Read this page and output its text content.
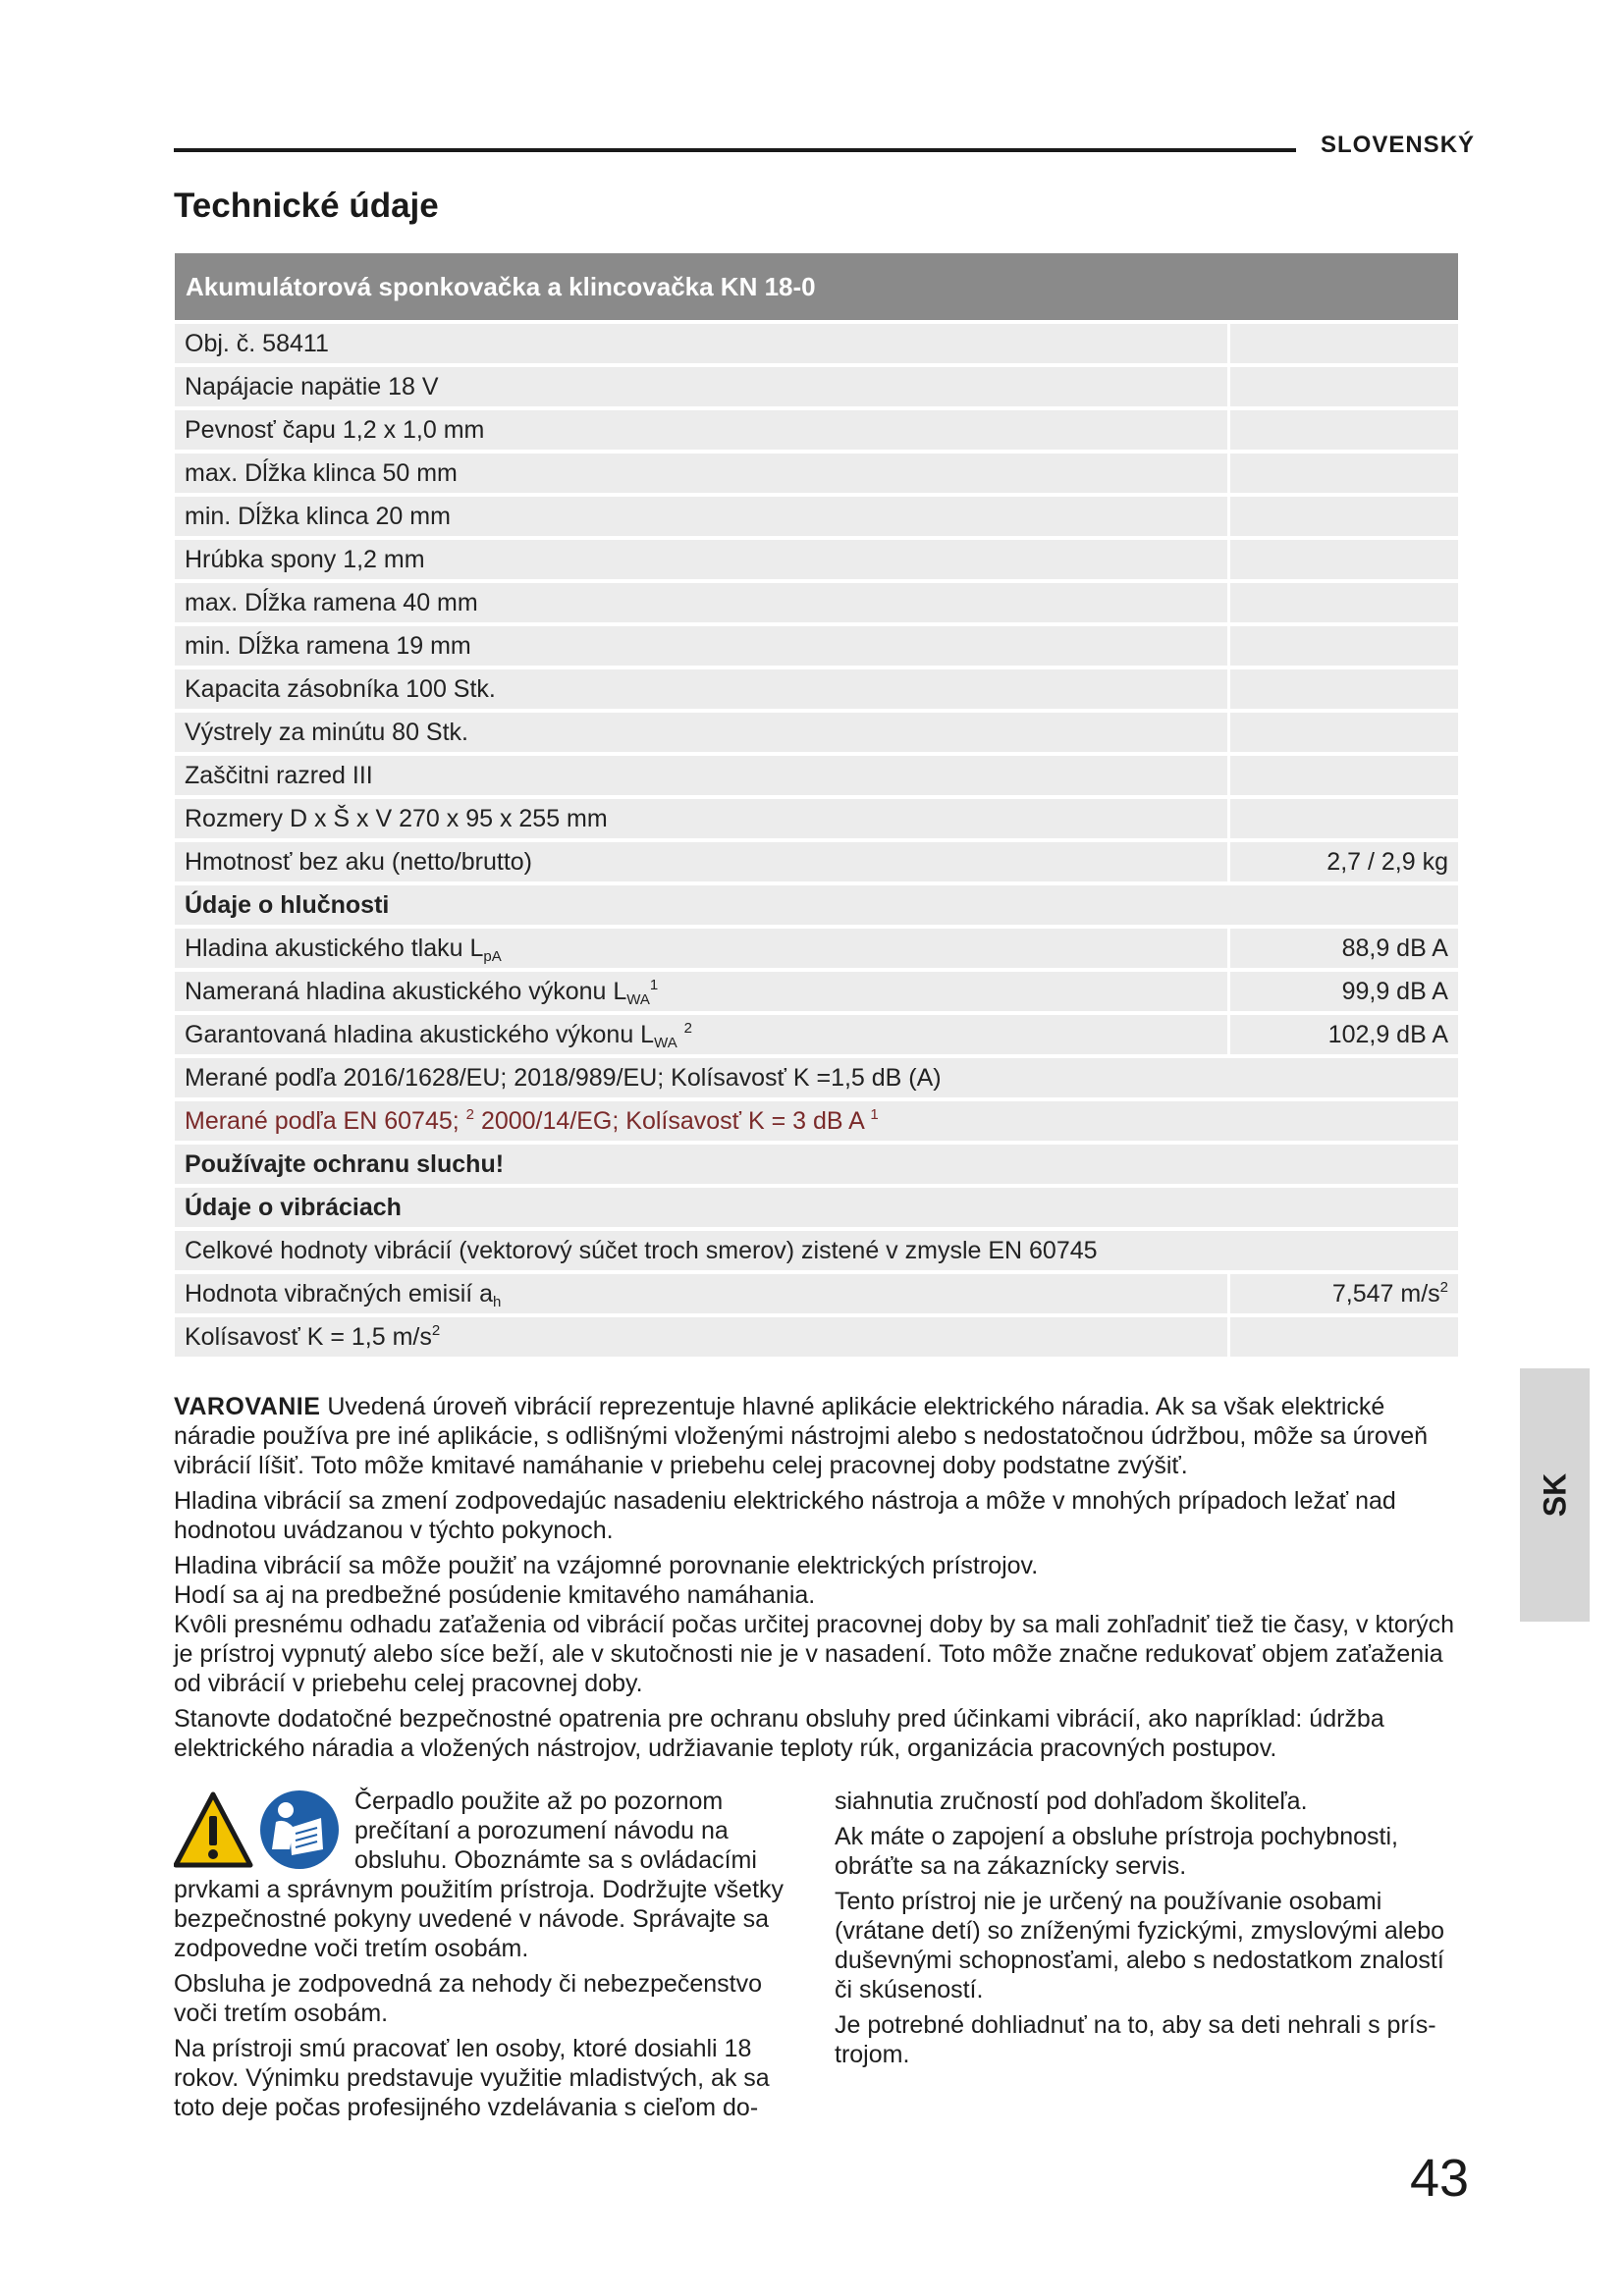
SLOVENSKÝ
Technické údaje
Akumulátorová sponkovačka a klincovačka KN 18-0
Obj. č. 58411
Napájacie napätie 18 V
Pevnosť čapu 1,2 x 1,0 mm
max. Dĺžka klinca 50 mm
min. Dĺžka klinca 20 mm
Hrúbka spony 1,2 mm
max. Dĺžka ramena 40 mm
min. Dĺžka ramena 19 mm
Kapacita zásobníka 100 Stk.
Výstrely za minútu 80 Stk.
Zaščitni razred III
Rozmery D x Š x V 270 x 95 x 255 mm
Hmotnosť bez aku (netto/brutto)	2,7 / 2,9 kg
Údaje o hlučnosti
Hladina akustického tlaku $L_{pA}$	88,9 dB A
Nameraná hladina akustického výkonu $L_{WA}^1$	99,9 dB A
Garantovaná hladina akustického výkonu $L_{WA}$ $^2$	102,9 dB A
Merané podľa 2016/1628/EU; 2018/989/EU; Kolísavosť K =1,5 dB (A)
Merané podľa EN 60745; $^2$ 2000/14/EG; Kolísavosť K = 3 dB A $^1$
Používajte ochranu sluchu!
Údaje o vibráciach
Celkové hodnoty vibrácií (vektorový súčet troch smerov) zistené v zmysle EN 60745
Hodnota vibračných emisií $a_h$	7,547 $m/s^2$
Kolísavosť K = 1,5 $m/s^2$

VAROVANIE Uvedená úroveň vibrácií reprezentuje hlavné aplikácie elektrického náradia. Ak sa však elektrické náradie používa pre iné aplikácie, s odlišnými vloženými nástrojmi alebo s nedostatočnou údržbou, môže sa úroveň vibrácií líšiť. Toto môže kmitavé namáhanie v priebehu celej pracovnej doby podstatne zvýšiť.

Hladina vibrácií sa zmení zodpovedajúc nasadeniu elektrického nástroja a môže v mnohých prípadoch ležať nad hodnotou uvádzanou v týchto pokynoch.

Hladina vibrácií sa môže použiť na vzájomné porovnanie elektrických prístrojov.

Hodí sa aj na predbežné posúdenie kmitavého namáhania.

Kvôli presnému odhadu zaťaženia od vibrácií počas určitej pracovnej doby by sa mali zohľadniť tiež tie časy, v ktorých je prístroj vypnutý alebo síce beží, ale v skutočnosti nie je v nasadení. Toto môže značne redukovať objem zaťaženia od vibrácií v priebehu celej pracovnej doby.

Stanovte dodatočné bezpečnostné opatrenia pre ochranu obsluhy pred účinkami vibrácií, ako napríklad: údržba elektrického náradia a vložených nástrojov, udržiavanie teploty rúk, organizácia pracovných postupov.

Čerpadlo použite až po pozornom prečítaní a porozumení návodu na obsluhu. Oboznámte sa s ovládacími prvkami a správnym použitím prístroja. Dodržujte všetky bezpečnostné pokyny uvedené v návode. Správajte sa zodpovedne voči tretím osobám.

Obsluha je zodpovedná za nehody či nebezpečenstvo voči tretím osobám.

Na prístroji smú pracovať len osoby, ktoré dosiahli 18 rokov. Výnimku predstavuje využitie mladistvých, ak sa toto deje počas profesijného vzdelávania s cieľom do-

siahnutia zručností pod dohľadom školiteľa.

Ak máte o zapojení a obsluhe prístroja pochybnosti, obráťte sa na zákaznícky servis.

Tento prístroj nie je určený na používanie osobami (vrátane detí) so zníženými fyzickými, zmyslovými alebo duševnými schopnosťami, alebo s nedostatkom znalostí či skúseností.

Je potrebné dohliadnuť na to, aby sa deti nehrali s prís- trojom.

SK
43
